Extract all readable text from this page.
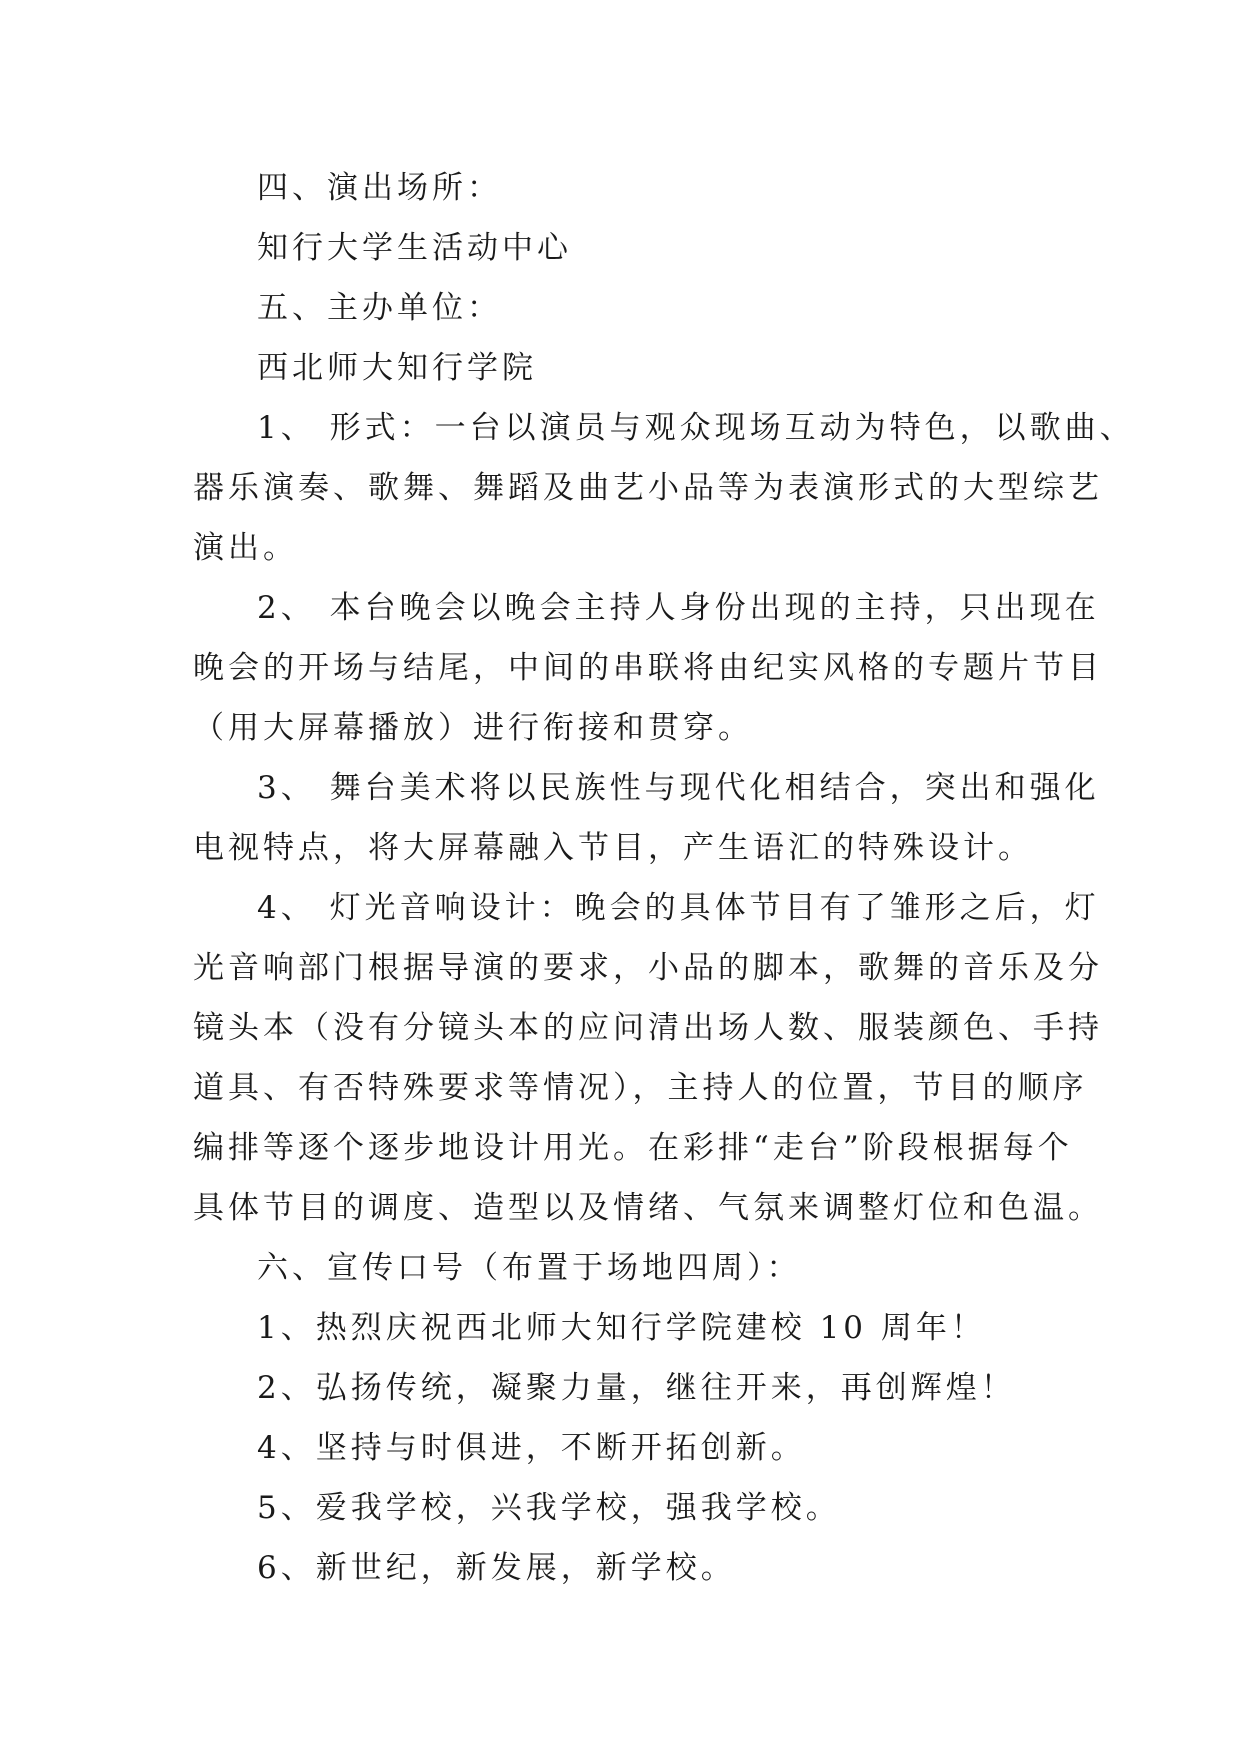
四、演出场所：

知行大学生活动中心

五、主办单位：

西北师大知行学院

1、 形式：一台以演员与观众现场互动为特色，以歌曲、

器乐演奏、歌舞、舞蹈及曲艺小品等为表演形式的大型综艺

演出。

2、 本台晚会以晚会主持人身份出现的主持，只出现在

晚会的开场与结尾，中间的串联将由纪实风格的专题片节目

（用大屏幕播放）进行衔接和贯穿。

3、 舞台美术将以民族性与现代化相结合，突出和强化

电视特点，将大屏幕融入节目，产生语汇的特殊设计。

4、 灯光音响设计：晚会的具体节目有了雏形之后，灯

光音响部门根据导演的要求，小品的脚本，歌舞的音乐及分

镜头本（没有分镜头本的应问清出场人数、服装颜色、手持

道具、有否特殊要求等情况），主持人的位置，节目的顺序

编排等逐个逐步地设计用光。在彩排“走台”阶段根据每个

具体节目的调度、造型以及情绪、气氛来调整灯位和色温。

六、宣传口号（布置于场地四周）：

1、热烈庆祝西北师大知行学院建校 10 周年！

2、弘扬传统，凝聚力量，继往开来，再创辉煌！

4、坚持与时俱进，不断开拓创新。

5、爱我学校，兴我学校，强我学校。

6、新世纪，新发展，新学校。
